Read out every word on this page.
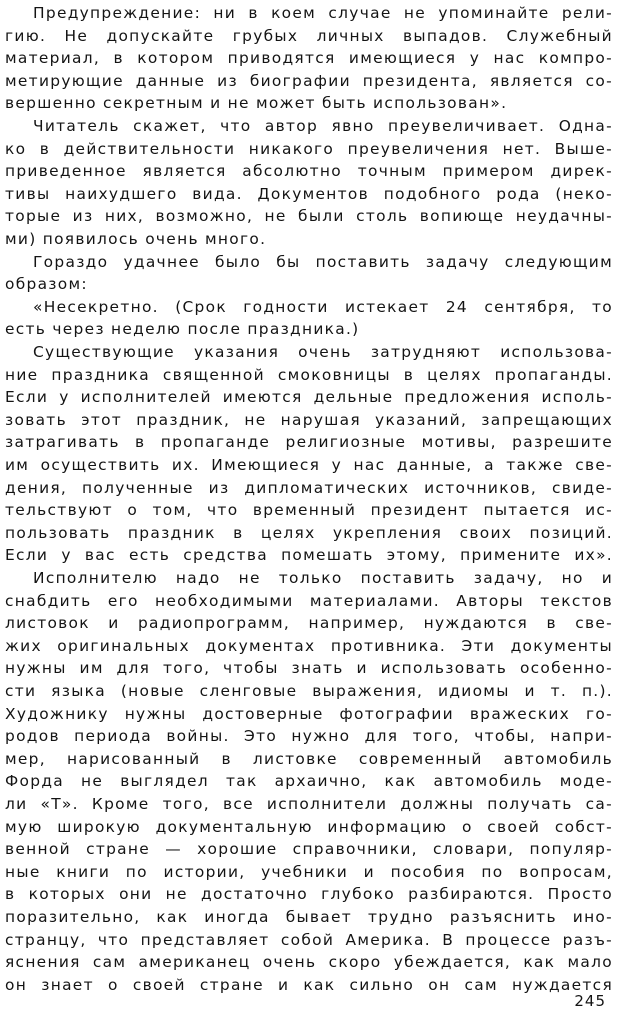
Предупреждение: ни в коем случае не упоминайте рели-
гию. Не допускайте грубых личных выпадов. Служебный
материал, в котором приводятся имеющиеся у нас компро-
метирующие данные из биографии президента, является со-
вершенно секретным и не может быть использован».
Читатель скажет, что автор явно преувеличивает. Одна-
ко в действительности никакого преувеличения нет. Выше-
приведенное является абсолютно точным примером дирек-
тивы наихудшего вида. Документов подобного рода (неко-
торые из них, возможно, не были столь вопиюще неудачны-
ми) появилось очень много.
Гораздо удачнее было бы поставить задачу следующим
образом:
«Несекретно. (Срок годности истекает 24 сентября, то
есть через неделю после праздника.)
Существующие указания очень затрудняют использова-
ние праздника священной смоковницы в целях пропаганды.
Если у исполнителей имеются дельные предложения исполь-
зовать этот праздник, не нарушая указаний, запрещающих
затрагивать в пропаганде религиозные мотивы, разрешите
им осуществить их. Имеющиеся у нас данные, а также све-
дения, полученные из дипломатических источников, свиде-
тельствуют о том, что временный президент пытается ис-
пользовать праздник в целях укрепления своих позиций.
Если у вас есть средства помешать этому, примените их».
Исполнителю надо не только поставить задачу, но и
снабдить его необходимыми материалами. Авторы текстов
листовок и радиопрограмм, например, нуждаются в све-
жих оригинальных документах противника. Эти документы
нужны им для того, чтобы знать и использовать особенно-
сти языка (новые сленговые выражения, идиомы и т. п.).
Художнику нужны достоверные фотографии вражеских го-
родов периода войны. Это нужно для того, чтобы, напри-
мер, нарисованный в листовке современный автомобиль
Форда не выглядел так архаично, как автомобиль моде-
ли «Т». Кроме того, все исполнители должны получать са-
мую широкую документальную информацию о своей собст-
венной стране — хорошие справочники, словари, популяр-
ные книги по истории, учебники и пособия по вопросам,
в которых они не достаточно глубоко разбираются. Просто
поразительно, как иногда бывает трудно разъяснить ино-
странцу, что представляет собой Америка. В процессе разъ-
яснения сам американец очень скоро убеждается, как мало
он знает о своей стране и как сильно он сам нуждается
245
